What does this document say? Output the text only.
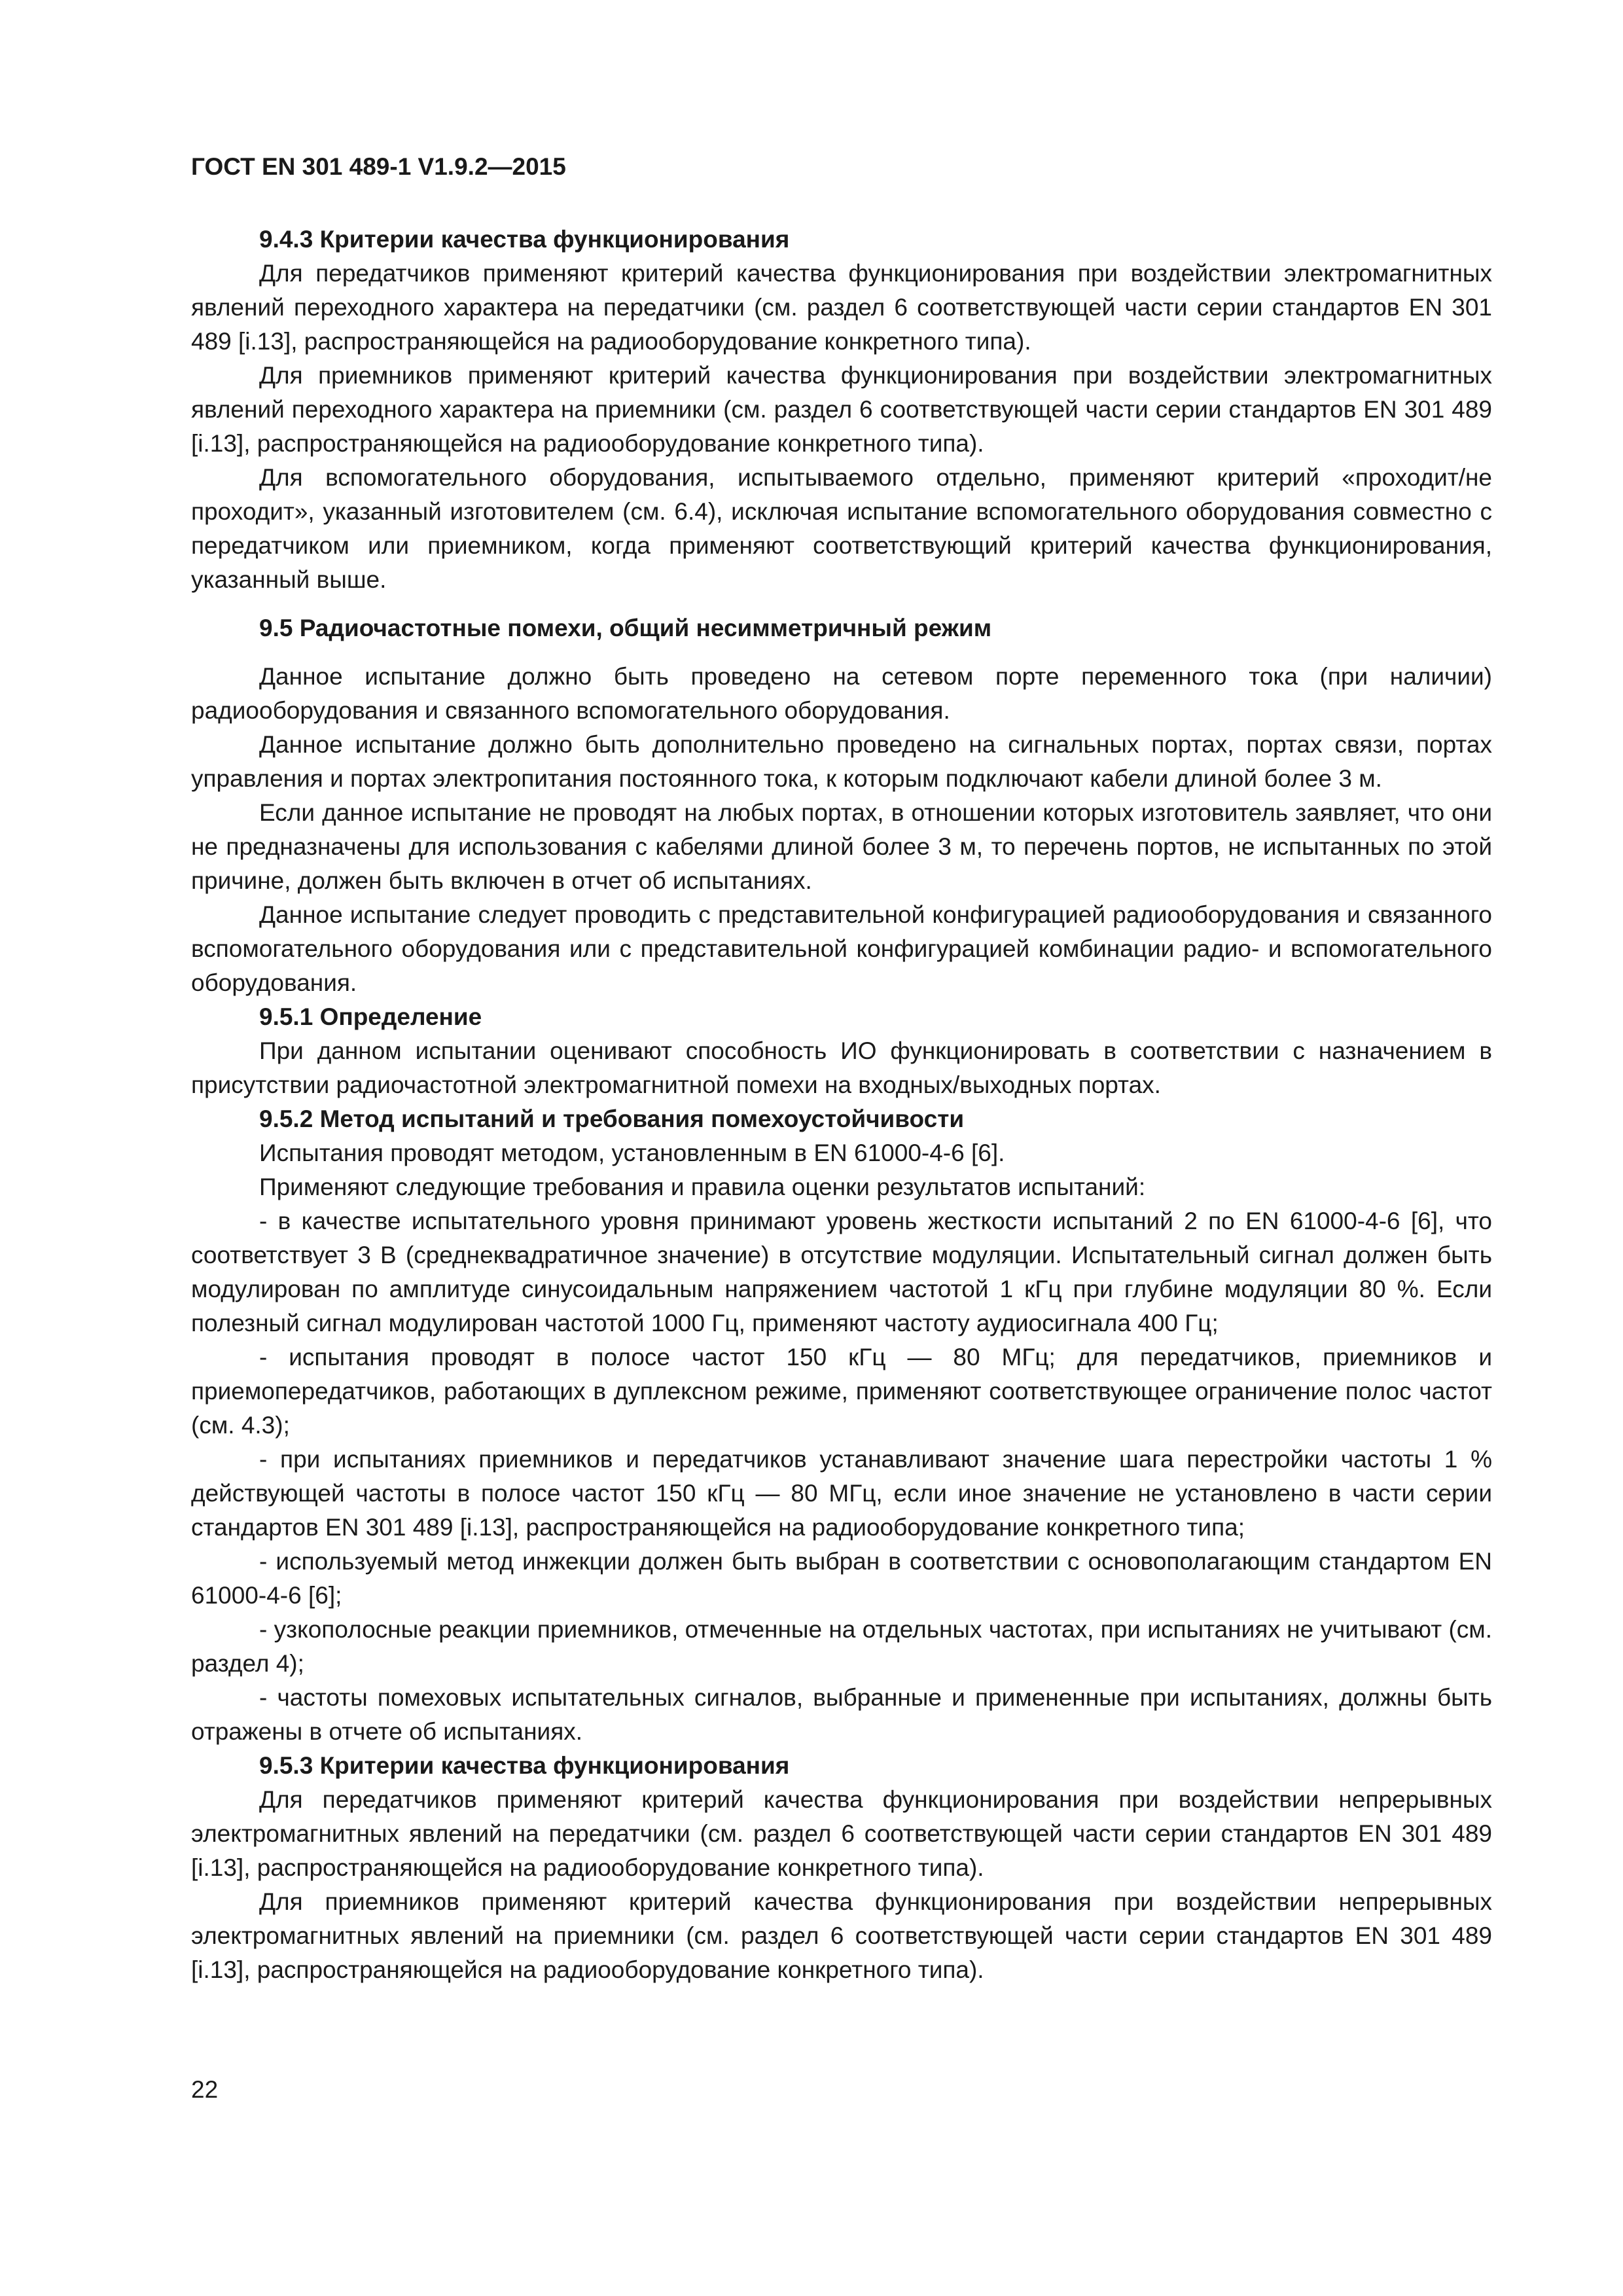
ГОСТ EN 301 489-1 V1.9.2—2015
9.4.3 Критерии качества функционирования

Для передатчиков применяют критерий качества функционирования при воздействии электромагнитных явлений переходного характера на передатчики (см. раздел 6 соответствующей части серии стандартов EN 301 489 [i.13], распространяющейся на радиооборудование конкретного типа).

Для приемников применяют критерий качества функционирования при воздействии электромагнитных явлений переходного характера на приемники (см. раздел 6 соответствующей части серии стандартов EN 301 489 [i.13], распространяющейся на радиооборудование конкретного типа).

Для вспомогательного оборудования, испытываемого отдельно, применяют критерий «проходит/не проходит», указанный изготовителем (см. 6.4), исключая испытание вспомогательного оборудования совместно с передатчиком или приемником, когда применяют соответствующий критерий качества функционирования, указанный выше.

9.5 Радиочастотные помехи, общий несимметричный режим

Данное испытание должно быть проведено на сетевом порте переменного тока (при наличии) радиооборудования и связанного вспомогательного оборудования.

Данное испытание должно быть дополнительно проведено на сигнальных портах, портах связи, портах управления и портах электропитания постоянного тока, к которым подключают кабели длиной более 3 м.

Если данное испытание не проводят на любых портах, в отношении которых изготовитель заявляет, что они не предназначены для использования с кабелями длиной более 3 м, то перечень портов, не испытанных по этой причине, должен быть включен в отчет об испытаниях.

Данное испытание следует проводить с представительной конфигурацией радиооборудования и связанного вспомогательного оборудования или с представительной конфигурацией комбинации радио- и вспомогательного оборудования.

9.5.1 Определение

При данном испытании оценивают способность ИО функционировать в соответствии с назначением в присутствии радиочастотной электромагнитной помехи на входных/выходных портах.

9.5.2 Метод испытаний и требования помехоустойчивости

Испытания проводят методом, установленным в EN 61000-4-6 [6].

Применяют следующие требования и правила оценки результатов испытаний:

- в качестве испытательного уровня принимают уровень жесткости испытаний 2 по EN 61000-4-6 [6], что соответствует 3 В (среднеквадратичное значение) в отсутствие модуляции. Испытательный сигнал должен быть модулирован по амплитуде синусоидальным напряжением частотой 1 кГц при глубине модуляции 80 %. Если полезный сигнал модулирован частотой 1000 Гц, применяют частоту аудиосигнала 400 Гц;
- испытания проводят в полосе частот 150 кГц — 80 МГц; для передатчиков, приемников и приемопередатчиков, работающих в дуплексном режиме, применяют соответствующее ограничение полос частот (см. 4.3);
- при испытаниях приемников и передатчиков устанавливают значение шага перестройки частоты 1 % действующей частоты в полосе частот 150 кГц — 80 МГц, если иное значение не установлено в части серии стандартов EN 301 489 [i.13], распространяющейся на радиооборудование конкретного типа;
- используемый метод инжекции должен быть выбран в соответствии с основополагающим стандартом EN 61000-4-6 [6];
- узкополосные реакции приемников, отмеченные на отдельных частотах, при испытаниях не учитывают (см. раздел 4);
- частоты помеховых испытательных сигналов, выбранные и примененные при испытаниях, должны быть отражены в отчете об испытаниях.
9.5.3 Критерии качества функционирования

Для передатчиков применяют критерий качества функционирования при воздействии непрерывных электромагнитных явлений на передатчики (см. раздел 6 соответствующей части серии стандартов EN 301 489 [i.13], распространяющейся на радиооборудование конкретного типа).

Для приемников применяют критерий качества функционирования при воздействии непрерывных электромагнитных явлений на приемники (см. раздел 6 соответствующей части серии стандартов EN 301 489 [i.13], распространяющейся на радиооборудование конкретного типа).

22
